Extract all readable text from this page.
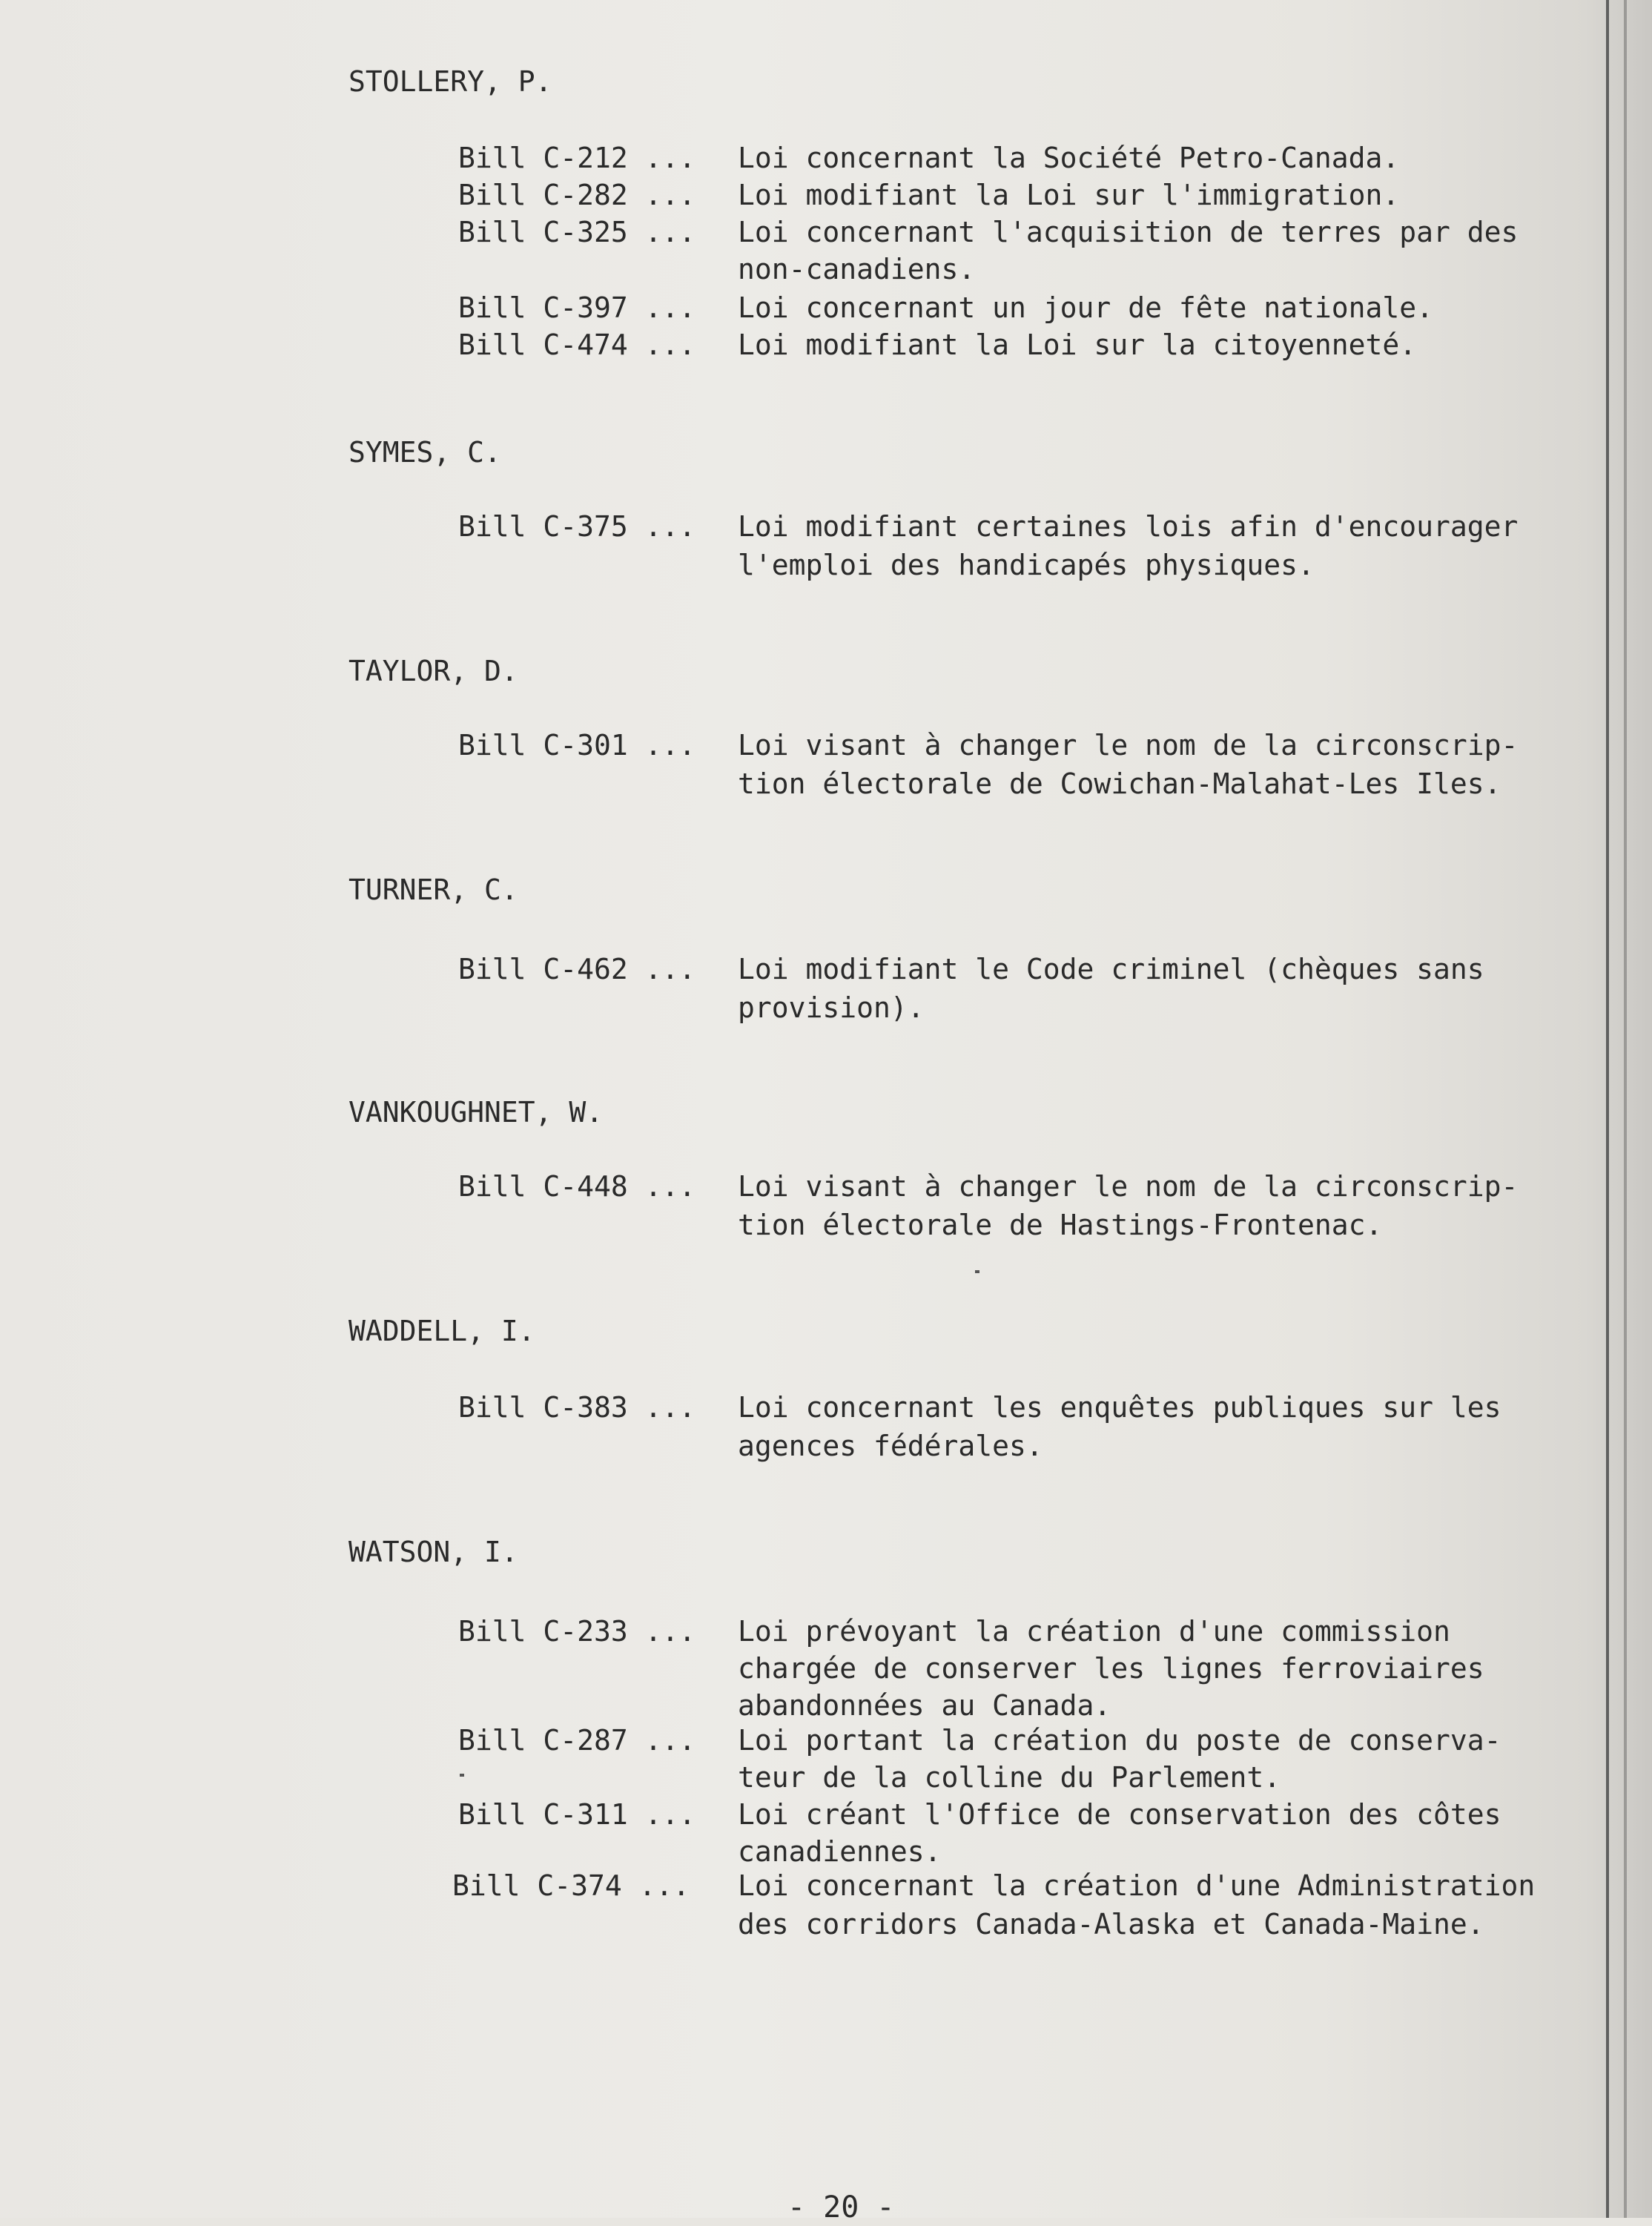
STOLLERY, P.
Bill C-212 ... Loi concernant la Société Petro-Canada.
Bill C-282 ... Loi modifiant la Loi sur l'immigration.
Bill C-325 ... Loi concernant l'acquisition de terres par des
non-canadiens.
Bill C-397 ... Loi concernant un jour de fête nationale.
Bill C-474 ... Loi modifiant la Loi sur la citoyenneté.
SYMES, C.
Bill C-375 ... Loi modifiant certaines lois afin d'encourager
l'emploi des handicapés physiques.
TAYLOR, D.
Bill C-301 ... Loi visant à changer le nom de la circonscrip-
tion électorale de Cowichan-Malahat-Les Iles.
TURNER, C.
Bill C-462 ... Loi modifiant le Code criminel (chèques sans
provision).
VANKOUGHNET, W.
Bill C-448 ... Loi visant à changer le nom de la circonscrip-
tion électorale de Hastings-Frontenac.
WADDELL, I.
Bill C-383 ... Loi concernant les enquêtes publiques sur les
agences fédérales.
WATSON, I.
Bill C-233 ... Loi prévoyant la création d'une commission
chargée de conserver les lignes ferroviaires
abandonnées au Canada.
Bill C-287 ... Loi portant la création du poste de conserva-
teur de la colline du Parlement.
Bill C-311 ... Loi créant l'Office de conservation des côtes
canadiennes.
Bill C-374 ... Loi concernant la création d'une Administration
des corridors Canada-Alaska et Canada-Maine.
- 20 -
